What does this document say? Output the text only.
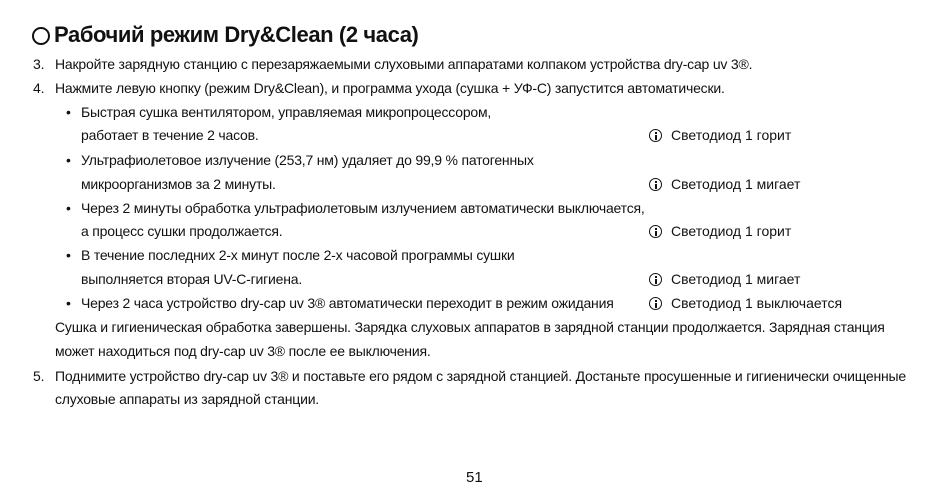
Рабочий режим Dry&Clean (2 часа)
3. Накройте зарядную станцию с перезаряжаемыми слуховыми аппаратами колпаком устройства dry-cap uv 3®.
4. Нажмите левую кнопку (режим Dry&Clean), и программа ухода (сушка + УФ-С) запустится автоматически.
• Быстрая сушка вентилятором, управляемая микропроцессором,
работает в течение 2 часов.	Светодиод 1 горит
• Ультрафиолетовое излучение (253,7 нм) удаляет до 99,9 % патогенных
микроорганизмов за 2 минуты.	Светодиод 1 мигает
• Через 2 минуты обработка ультрафиолетовым излучением автоматически выключается,
а процесс сушки продолжается.	Светодиод 1 горит
• В течение последних 2-х минут после 2-х часовой программы сушки
выполняется вторая UV-C-гигиена.	Светодиод 1 мигает
• Через 2 часа устройство dry-cap uv 3® автоматически переходит в режим ожидания	Светодиод 1 выключается
Сушка и гигиеническая обработка завершены. Зарядка слуховых аппаратов в зарядной станции продолжается. Зарядная станция
может находиться под dry-cap uv 3® после ее выключения.
5. Поднимите устройство dry-cap uv 3® и поставьте его рядом с зарядной станцией. Достаньте просушенные и гигиенически очищенные
слуховые аппараты из зарядной станции.
51
